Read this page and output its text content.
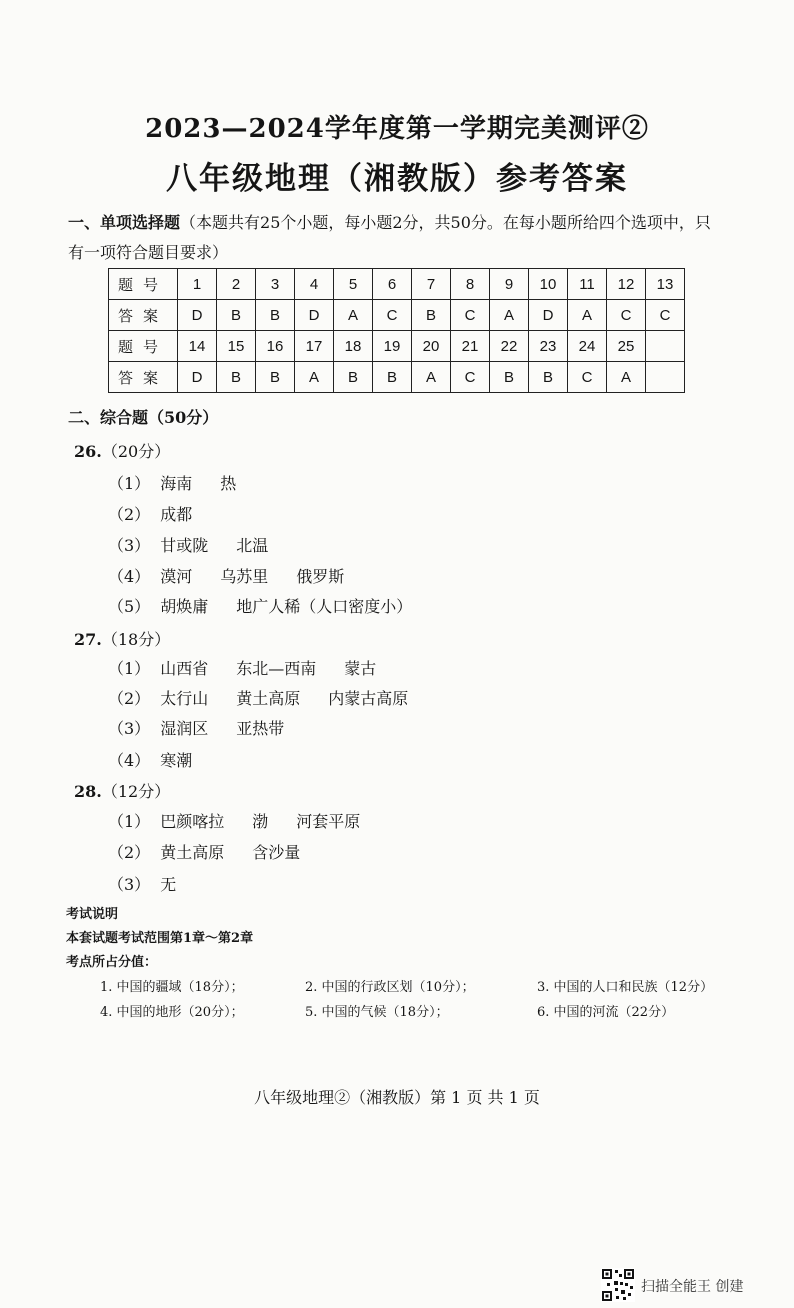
2023—2024学年度第一学期完美测评②
八年级地理（湘教版）参考答案
一、单项选择题（本题共有25个小题，每小题2分，共50分。在每小题所给四个选项中，只
有一项符合题目要求）
题号	1	2	3	4	5	6	7	8	9	10	11	12	13
答案	D	B	B	D	A	C	B	C	A	D	A	C	C
题号	14	15	16	17	18	19	20	21	22	23	24	25	
答案	D	B	B	A	B	B	A	C	B	B	C	A	
二、综合题（50分）
26.（20分）
（1） 海南 热
（2） 成都
（3） 甘或陇 北温
（4） 漠河 乌苏里 俄罗斯
（5） 胡焕庸 地广人稀（人口密度小）
27.（18分）
（1） 山西省 东北—西南 蒙古
（2） 太行山 黄土高原 内蒙古高原
（3） 湿润区 亚热带
（4） 寒潮
28.（12分）
（1） 巴颜喀拉 渤 河套平原
（2） 黄土高原 含沙量
（3） 无
考试说明
本套试题考试范围第1章～第2章
考点所占分值：
1. 中国的疆域（18分）；	2. 中国的行政区划（10分）；	3. 中国的人口和民族（12分）
4. 中国的地形（20分）；	5. 中国的气候（18分）；	6. 中国的河流（22分）
八年级地理②（湘教版）第 1 页 共 1 页
扫描全能王 创建
